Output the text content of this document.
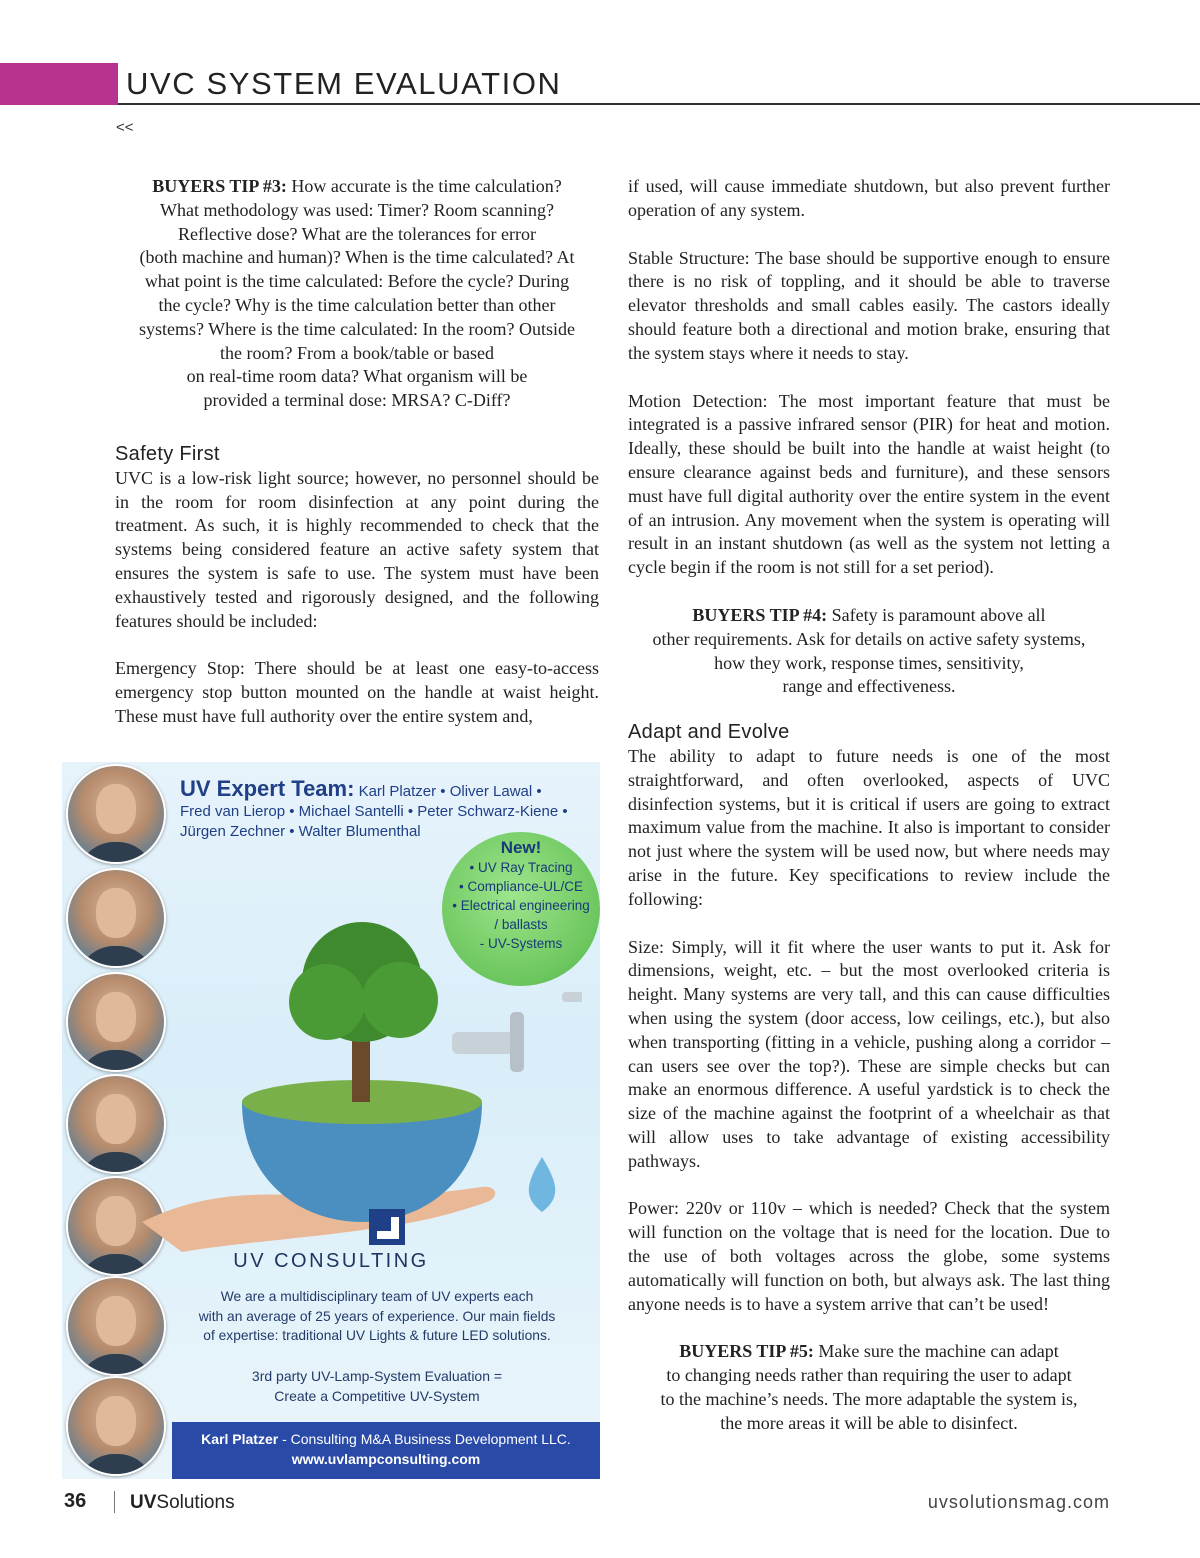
UVC SYSTEM EVALUATION
<<

BUYERS TIP #3: How accurate is the time calculation?

What methodology was used: Timer? Room scanning?

Reflective dose? What are the tolerances for error

(both machine and human)? When is the time calculated? At

what point is the time calculated: Before the cycle? During

the cycle? Why is the time calculation better than other

systems? Where is the time calculated: In the room? Outside

the room? From a book/table or based

on real-time room data? What organism will be

provided a terminal dose: MRSA? C-Diff?

Safety First

UVC is a low-risk light source; however, no personnel should be in the room for room disinfection at any point during the treatment. As such, it is highly recommended to check that the systems being considered feature an active safety system that ensures the system is safe to use. The system must have been exhaustively tested and rigorously designed, and the following features should be included:

Emergency Stop: There should be at least one easy-to-access emergency stop button mounted on the handle at waist height. These must have full authority over the entire system and,

if used, will cause immediate shutdown, but also prevent further operation of any system.

Stable Structure: The base should be supportive enough to ensure there is no risk of toppling, and it should be able to traverse elevator thresholds and small cables easily. The castors ideally should feature both a directional and motion brake, ensuring that the system stays where it needs to stay.

Motion Detection: The most important feature that must be integrated is a passive infrared sensor (PIR) for heat and motion. Ideally, these should be built into the handle at waist height (to ensure clearance against beds and furniture), and these sensors must have full digital authority over the entire system in the event of an intrusion. Any movement when the system is operating will result in an instant shutdown (as well as the system not letting a cycle begin if the room is not still for a set period).

BUYERS TIP #4: Safety is paramount above all

other requirements. Ask for details on active safety systems,

how they work, response times, sensitivity,

range and effectiveness.

Adapt and Evolve

The ability to adapt to future needs is one of the most straightforward, and often overlooked, aspects of UVC disinfection systems, but it is critical if users are going to extract maximum value from the machine. It also is important to consider not just where the system will be used now, but where needs may arise in the future. Key specifications to review include the following:

Size: Simply, will it fit where the user wants to put it. Ask for dimensions, weight, etc. – but the most overlooked criteria is height. Many systems are very tall, and this can cause difficulties when using the system (door access, low ceilings, etc.), but also when transporting (fitting in a vehicle, pushing along a corridor – can users see over the top?). These are simple checks but can make an enormous difference. A useful yardstick is to check the size of the machine against the footprint of a wheelchair as that will allow uses to take advantage of existing accessibility pathways.

Power: 220v or 110v – which is needed? Check that the system will function on the voltage that is need for the location. Due to the use of both voltages across the globe, some systems automatically will function on both, but always ask. The last thing anyone needs is to have a system arrive that can’t be used!

BUYERS TIP #5: Make sure the machine can adapt

to changing needs rather than requiring the user to adapt

to the machine’s needs. The more adaptable the system is,

the more areas it will be able to disinfect.

UV Expert Team: Karl Platzer • Oliver Lawal •
Fred van Lierop • Michael Santelli • Peter Schwarz-Kiene •
Jürgen Zechner • Walter Blumenthal
New!
• UV Ray Tracing
• Compliance-UL/CE
• Electrical engineering
/ ballasts
- UV-Systems
UV CONSULTING
We are a multidisciplinary team of UV experts each
with an average of 25 years of experience. Our main fields
of expertise: traditional UV Lights & future LED solutions.
3rd party UV-Lamp-System Evaluation =
Create a Competitive UV-System
Karl Platzer - Consulting M&A Business Development LLC.
www.uvlampconsulting.com
36 UVSolutions	uvsolutionsmag.com
